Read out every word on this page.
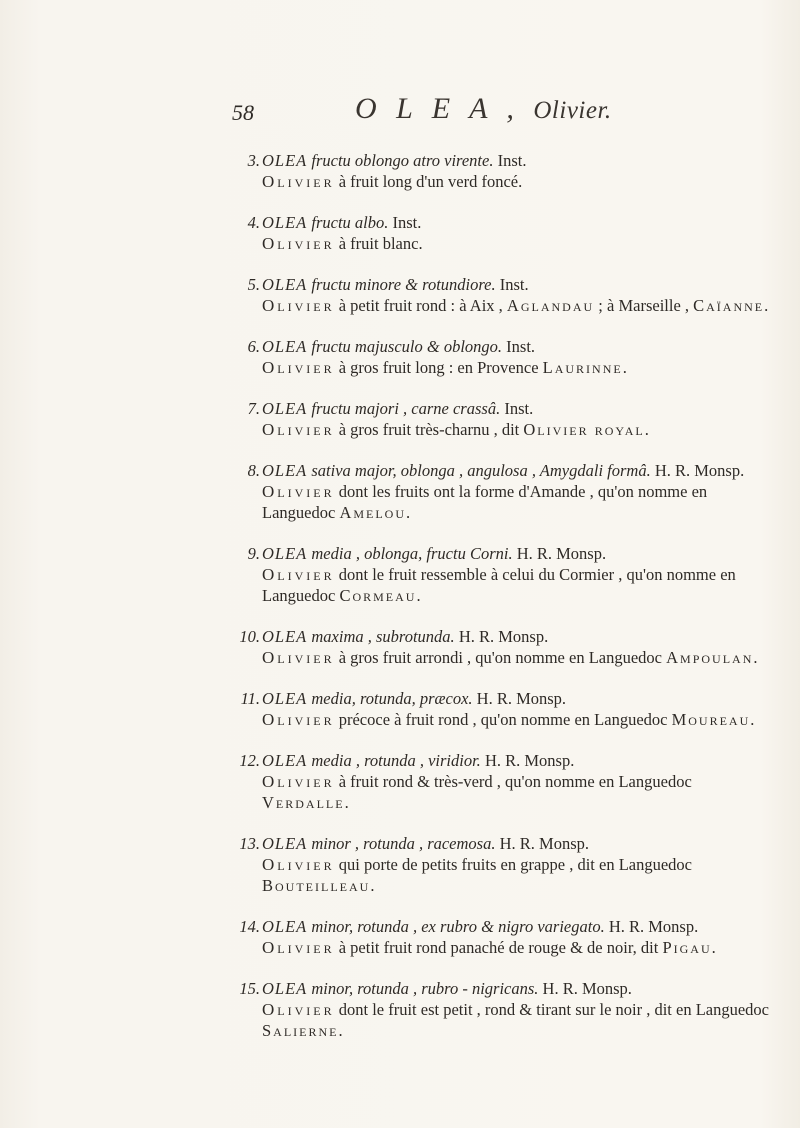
58	O L E A , Olivier.
3. OLEA fructu oblongo atro virente. Inst.
Olivier à fruit long d'un verd foncé.
4. OLEA fructu albo. Inst.
Olivier à fruit blanc.
5. OLEA fructu minore & rotundiore. Inst.
Olivier à petit fruit rond : à Aix , Aglandau ; à Marseille , Caïanne.
6. OLEA fructu majusculo & oblongo. Inst.
Olivier à gros fruit long : en Provence Laurinne.
7. OLEA fructu majori , carne crassâ. Inst.
Olivier à gros fruit très-charnu , dit Olivier royal.
8. OLEA sativa major, oblonga , angulosa , Amygdali formâ. H. R. Monsp.
Olivier dont les fruits ont la forme d'Amande , qu'on nomme en Languedoc Amelou.
9. OLEA media , oblonga, fructu Corni. H. R. Monsp.
Olivier dont le fruit ressemble à celui du Cormier , qu'on nomme en Languedoc Cormeau.
10. OLEA maxima , subrotunda. H. R. Monsp.
Olivier à gros fruit arrondi , qu'on nomme en Languedoc Ampoulan.
11. OLEA media, rotunda, præcox. H. R. Monsp.
Olivier précoce à fruit rond , qu'on nomme en Languedoc Moureau.
12. OLEA media , rotunda , viridior. H. R. Monsp.
Olivier à fruit rond & très-verd , qu'on nomme en Languedoc Verdalle.
13. OLEA minor , rotunda , racemosa. H. R. Monsp.
Olivier qui porte de petits fruits en grappe , dit en Languedoc Bouteilleau.
14. OLEA minor, rotunda , ex rubro & nigro variegato. H. R. Monsp.
Olivier à petit fruit rond panaché de rouge & de noir, dit Pigau.
15. OLEA minor, rotunda , rubro - nigricans. H. R. Monsp.
Olivier dont le fruit est petit , rond & tirant sur le noir , dit en Languedoc Salierne.
